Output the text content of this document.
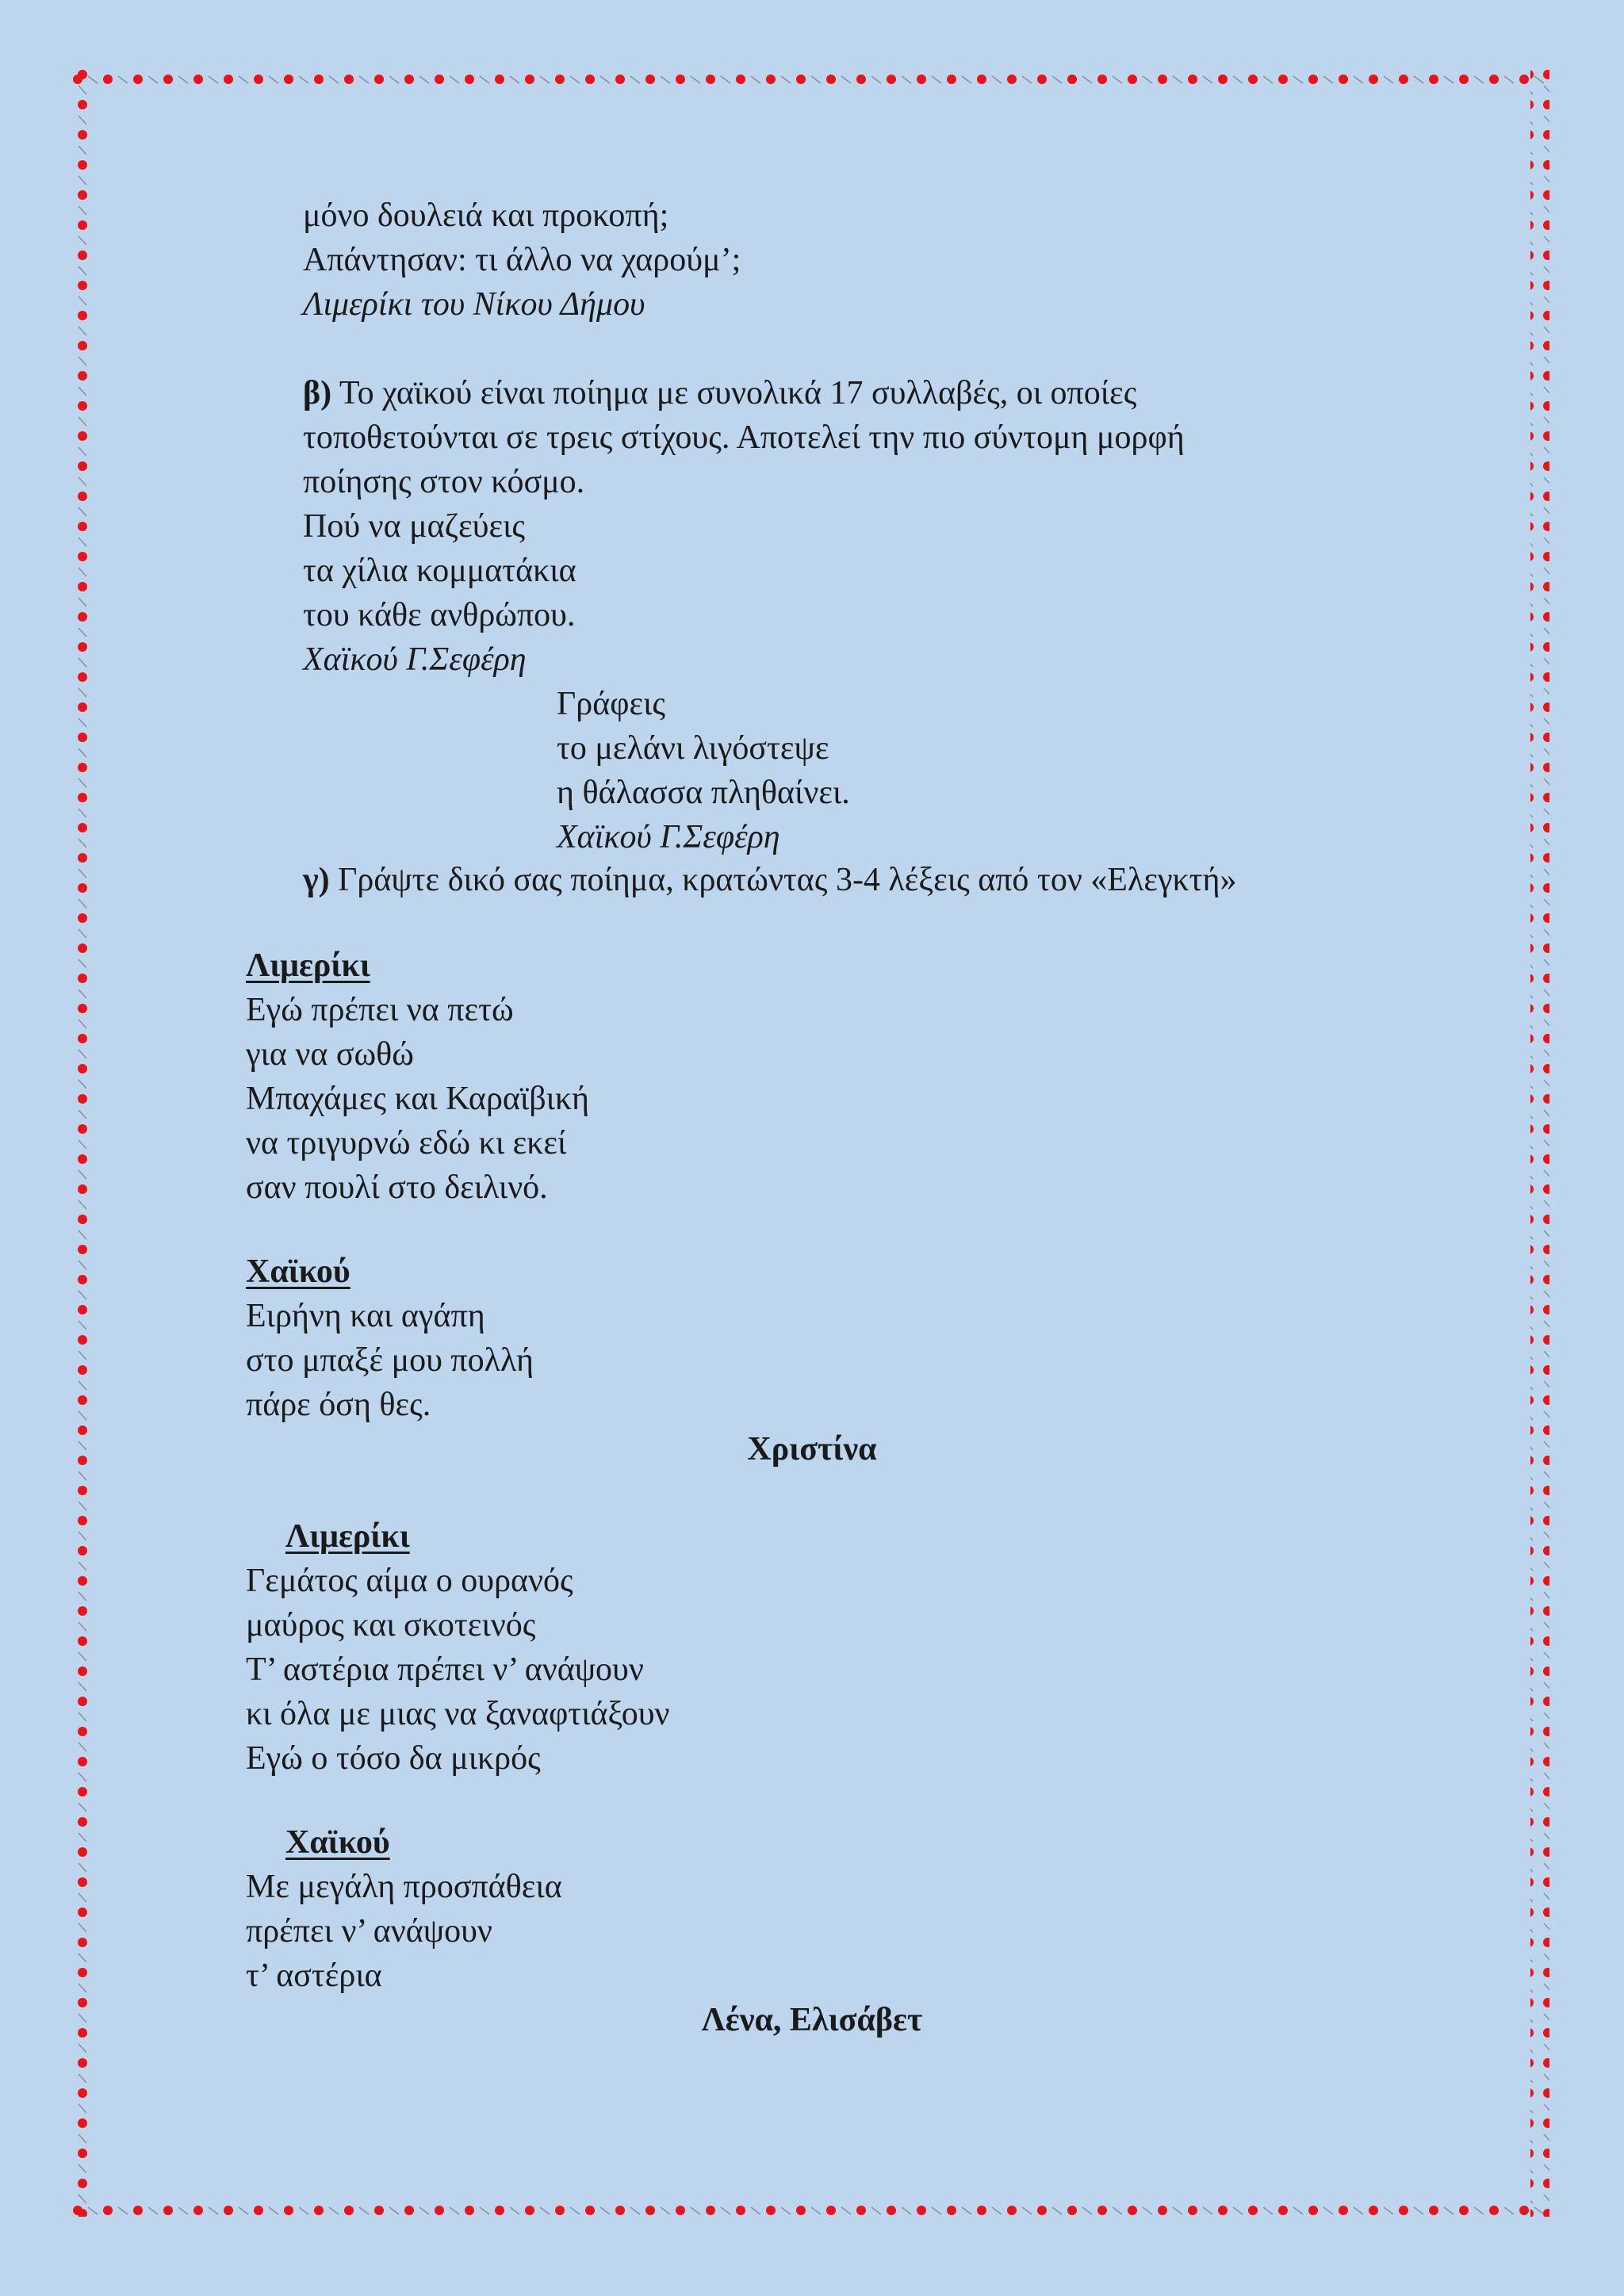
μόνο δουλειά και προκοπή;
Απάντησαν: τι άλλο να χαρούμ’;
Λιμερίκι του Νίκου Δήμου
β) Το χαϊκού είναι ποίημα με συνολικά 17 συλλαβές, οι οποίες
τοποθετούνται σε τρεις στίχους. Αποτελεί την πιο σύντομη μορφή
ποίησης στον κόσμο.
Πού να μαζεύεις
τα χίλια κομματάκια
του κάθε ανθρώπου.
Χαϊκού Γ.Σεφέρη
Γράφεις
το μελάνι λιγόστεψε
η θάλασσα πληθαίνει.
Χαϊκού Γ.Σεφέρη
γ) Γράψτε δικό σας ποίημα, κρατώντας 3-4 λέξεις από τον «Ελεγκτή»
Λιμερίκι
Εγώ πρέπει να πετώ
για να σωθώ
Μπαχάμες και Καραϊβική
να τριγυρνώ εδώ κι εκεί
σαν πουλί στο δειλινό.
Χαϊκού
Ειρήνη και αγάπη
στο μπαξέ μου πολλή
πάρε όση θες.
Χριστίνα
Λιμερίκι
Γεμάτος αίμα ο ουρανός
μαύρος και σκοτεινός
Τ’ αστέρια πρέπει ν’ ανάψουν
κι όλα με μιας να ξαναφτιάξουν
Εγώ ο τόσο δα μικρός
Χαϊκού
Με μεγάλη προσπάθεια
πρέπει ν’ ανάψουν
τ’ αστέρια
Λένα, Ελισάβετ
